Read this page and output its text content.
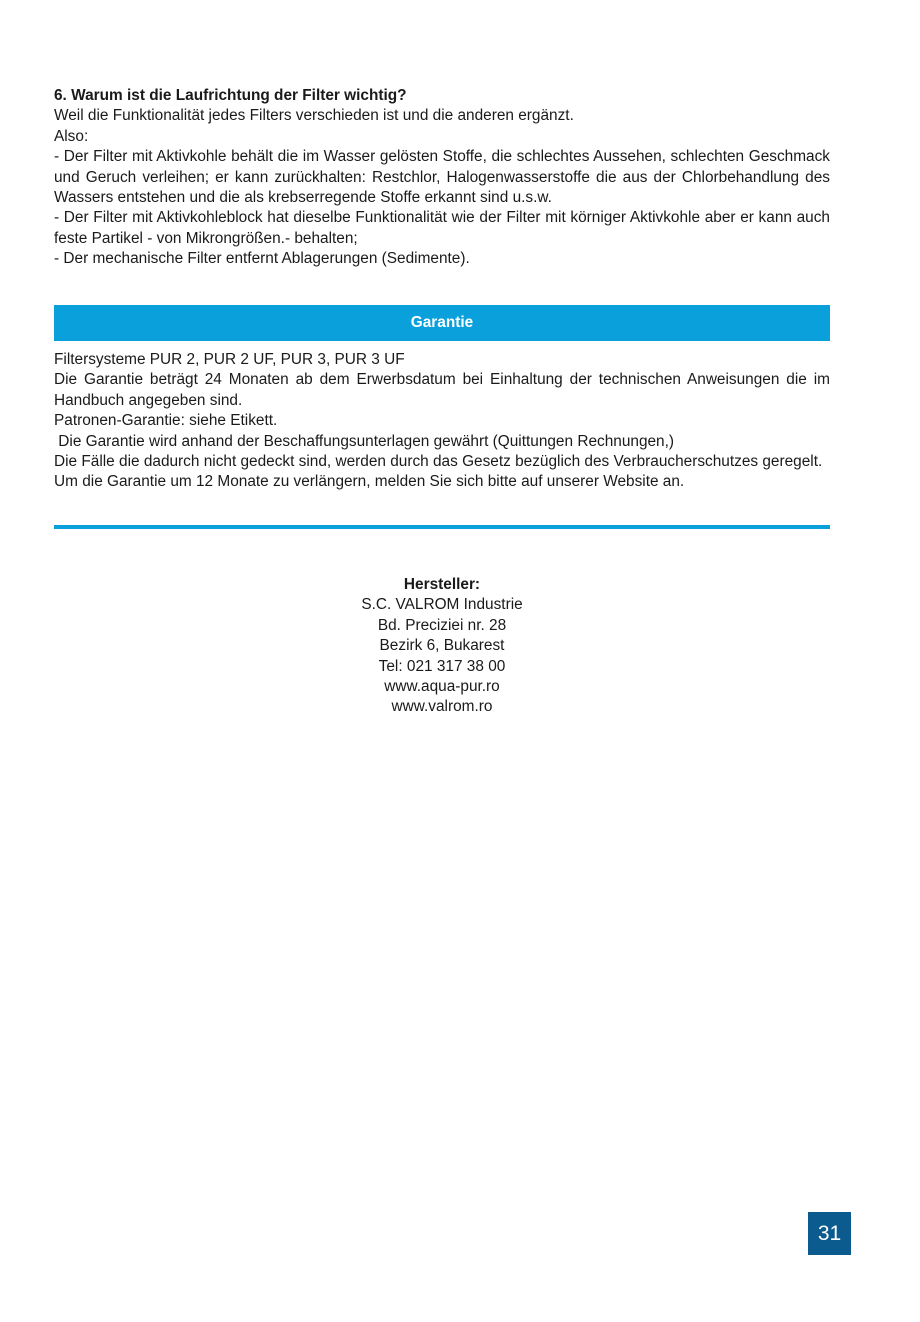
6. Warum ist die Laufrichtung der Filter wichtig?

Weil die Funktionalität jedes Filters verschieden ist und die anderen ergänzt.

Also:

- Der Filter mit Aktivkohle behält die im Wasser gelösten Stoffe, die schlechtes Aussehen, schlechten Geschmack und Geruch verleihen; er kann zurückhalten: Restchlor, Halogenwasserstoffe die aus der Chlorbehandlung des Wassers entstehen und die als krebserregende Stoffe erkannt sind u.s.w.

- Der Filter mit Aktivkohleblock hat dieselbe Funktionalität wie der Filter mit körniger Aktivkohle aber er kann auch feste Partikel - von Mikrongrößen.- behalten;

- Der mechanische Filter entfernt Ablagerungen (Sedimente).

Garantie

Filtersysteme PUR 2, PUR 2 UF, PUR 3, PUR 3 UF

Die Garantie beträgt 24 Monaten ab dem Erwerbsdatum bei Einhaltung der technischen Anweisungen die im Handbuch angegeben sind.

Patronen-Garantie: siehe Etikett.

Die Garantie wird anhand der Beschaffungsunterlagen gewährt (Quittungen Rechnungen,)

Die Fälle die dadurch nicht gedeckt sind, werden durch das Gesetz bezüglich des Verbraucherschutzes geregelt.

Um die Garantie um 12 Monate zu verlängern, melden Sie sich bitte auf unserer Website an.

Hersteller:

S.C. VALROM Industrie

Bd. Preciziei nr. 28

Bezirk 6, Bukarest

Tel: 021 317 38 00

www.aqua-pur.ro

www.valrom.ro

31
